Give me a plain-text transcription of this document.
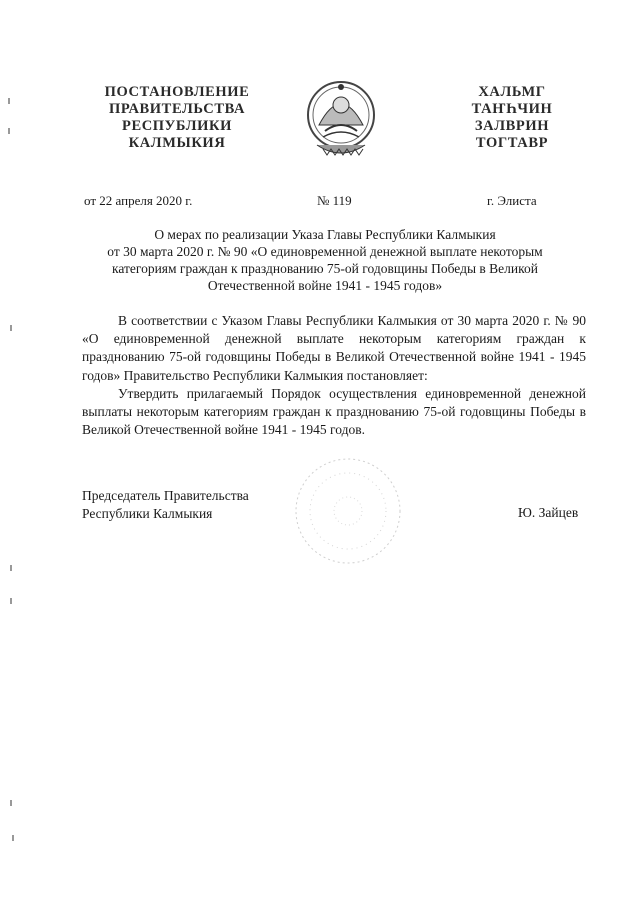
ПОСТАНОВЛЕНИЕ
ПРАВИТЕЛЬСТВА
РЕСПУБЛИКИ
КАЛМЫКИЯ
ХАЛЬМГ
ТАҤҺЧИН
ЗАЛВРИН
ТОГТАВР
от 22 апреля 2020 г.	№ 119	г. Элиста
О мерах по реализации Указа Главы Республики Калмыкия
от 30 марта 2020 г. № 90 «О единовременной денежной выплате некоторым
категориям граждан к празднованию 75-ой годовщины Победы в Великой
Отечественной войне 1941 - 1945 годов»

В соответствии с Указом Главы Республики Калмыкия от 30 марта 2020 г. № 90 «О единовременной денежной выплате некоторым категориям граждан к празднованию 75-ой годовщины Победы в Великой Отечественной войне 1941 - 1945 годов» Правительство Республики Калмыкия постановляет:

Утвердить прилагаемый Порядок осуществления единовременной денежной выплаты некоторым категориям граждан к празднованию 75-ой годовщины Победы в Великой Отечественной войне 1941 - 1945 годов.

Председатель Правительства
Республики Калмыкия	Ю. Зайцев
